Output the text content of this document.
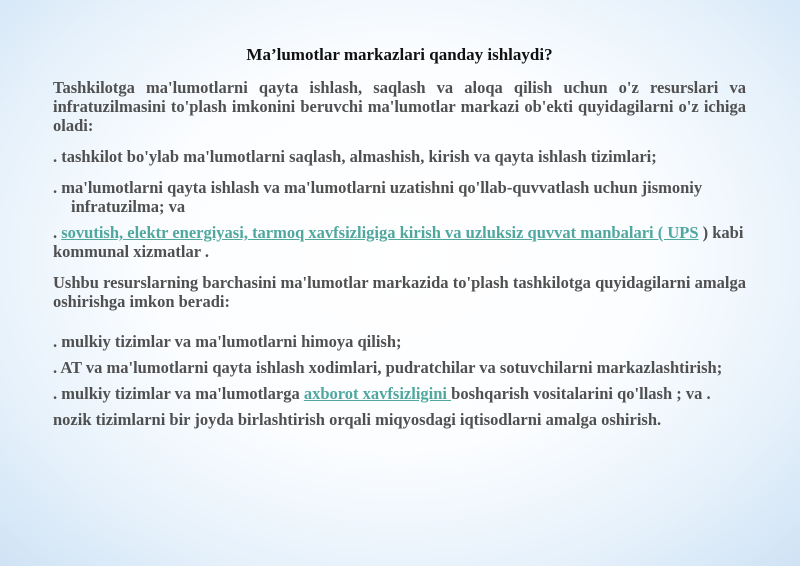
Ma’lumotlar markazlari qanday ishlaydi?

Tashkilotga ma'lumotlarni qayta ishlash, saqlash va aloqa qilish uchun o'z resurslari va infratuzilmasini to'plash imkonini beruvchi ma'lumotlar markazi ob'ekti quyidagilarni o'z ichiga oladi:

. tashkilot bo'ylab ma'lumotlarni saqlash, almashish, kirish va qayta ishlash tizimlari;

. ma'lumotlarni qayta ishlash va ma'lumotlarni uzatishni qo'llab-quvvatlash uchun jismoniy infratuzilma; va

. sovutish, elektr energiyasi, tarmoq xavfsizligiga kirish va uzluksiz quvvat manbalari ( UPS ) kabi kommunal xizmatlar .

Ushbu resurslarning barchasini ma'lumotlar markazida to'plash tashkilotga quyidagilarni amalga oshirishga imkon beradi:

. mulkiy tizimlar va ma'lumotlarni himoya qilish;

. AT va ma'lumotlarni qayta ishlash xodimlari, pudratchilar va sotuvchilarni markazlashtirish;

. mulkiy tizimlar va ma'lumotlarga axborot xavfsizligini boshqarish vositalarini qo'llash ; va . nozik tizimlarni bir joyda birlashtirish orqali miqyosdagi iqtisodlarni amalga oshirish.
